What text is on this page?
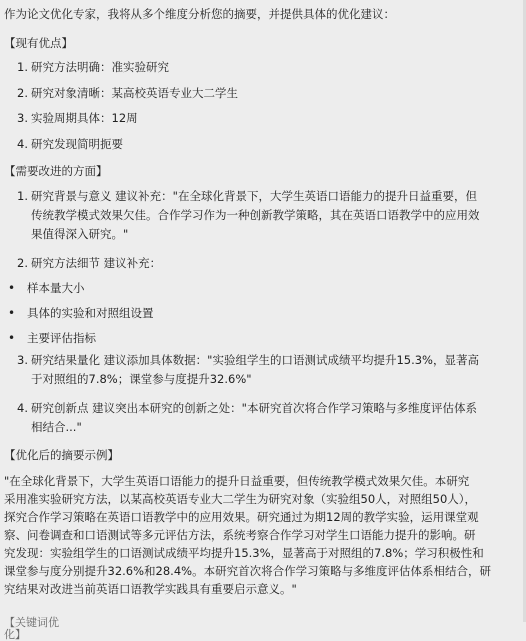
作为论文优化专家，我将从多个维度分析您的摘要，并提供具体的优化建议：
【现有优点】
1. 研究方法明确：准实验研究
2. 研究对象清晰：某高校英语专业大二学生
3. 实验周期具体：12周
4. 研究发现简明扼要
【需要改进的方面】
1. 研究背景与意义 建议补充："在全球化背景下，大学生英语口语能力的提升日益重要，但
传统教学模式效果欠佳。合作学习作为一种创新教学策略，其在英语口语教学中的应用效
果值得深入研究。"
2. 研究方法细节 建议补充：
•	样本量大小
•	具体的实验和对照组设置
•	主要评估指标
3. 研究结果量化 建议添加具体数据："实验组学生的口语测试成绩平均提升15.3%，显著高
于对照组的7.8%；课堂参与度提升32.6%"
4. 研究创新点 建议突出本研究的创新之处："本研究首次将合作学习策略与多维度评估体系
相结合..."
【优化后的摘要示例】
"在全球化背景下，大学生英语口语能力的提升日益重要，但传统教学模式效果欠佳。本研究
采用准实验研究方法，以某高校英语专业大二学生为研究对象（实验组50人，对照组50人），
探究合作学习策略在英语口语教学中的应用效果。研究通过为期12周的教学实验，运用课堂观
察、问卷调查和口语测试等多元评估方法，系统考察合作学习对学生口语能力提升的影响。研
究发现：实验组学生的口语测试成绩平均提升15.3%，显著高于对照组的7.8%；学习积极性和
课堂参与度分别提升32.6%和28.4%。本研究首次将合作学习策略与多维度评估体系相结合，研
究结果对改进当前英语口语教学实践具有重要启示意义。"
【关键词优化】
